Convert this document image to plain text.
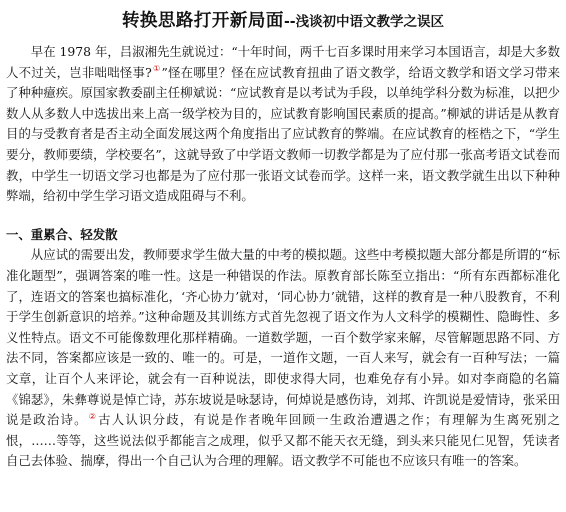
转换思路打开新局面--浅谈初中语文教学之误区

早在 1978 年，吕淑湘先生就说过：“十年时间，两千七百多课时用来学习本国语言，却是大多数人不过关，岂非咄咄怪事?①”怪在哪里？怪在应试教育扭曲了语文教学，给语文教学和语文学习带来了种种癔疾。原国家教委副主任柳斌说：“应试教育是以考试为手段，以单纯学科分数为标准，以把少数人从多数人中选拔出来上高一级学校为目的，应试教育影响国民素质的提高。”柳斌的讲话是从教育目的与受教育者是否主动全面发展这两个角度指出了应试教育的弊端。在应试教育的桎梏之下，“学生要分，教师要绩，学校要名”，这就导致了中学语文教师一切教学都是为了应付那一张高考语文试卷而教，中学生一切语文学习也都是为了应付那一张语文试卷而学。这样一来，语文教学就生出以下种种弊端，给初中学生学习语文造成阻碍与不利。

一、重累合、轻发散

从应试的需要出发，教师要求学生做大量的中考的模拟题。这些中考模拟题大部分都是所谓的“标准化题型”，强调答案的唯一性。这是一种错误的作法。原教育部长陈至立指出：“所有东西都标准化了，连语文的答案也搞标准化，‘齐心协力’就对，‘同心协力’就错，这样的教育是一种八股教育，不利于学生创新意识的培养。”这种命题及其训练方式首先忽视了语文作为人文科学的模糊性、隐晦性、多义性特点。语文不可能像数理化那样精确。一道数学题，一百个数学家来解，尽管解题思路不同、方法不同，答案都应该是一致的、唯一的。可是，一道作文题，一百人来写，就会有一百种写法；一篇文章，让百个人来评论，就会有一百种说法，即使求得大同，也难免存有小异。如对李商隐的名篇《锦瑟》，朱彝尊说是悼亡诗，苏东坡说是咏瑟诗，何焯说是感伤诗，刘邦、许凯说是爱情诗，张采田说是政治诗。②古人认识分歧，有说是作者晚年回顾一生政治遭遇之作；有理解为生离死别之恨，……等等，这些说法似乎都能言之成理，似乎又都不能天衣无缝，到头来只能见仁见智，凭读者自己去体验、揣摩，得出一个自己认为合理的理解。语文教学不可能也不应该只有唯一的答案。
